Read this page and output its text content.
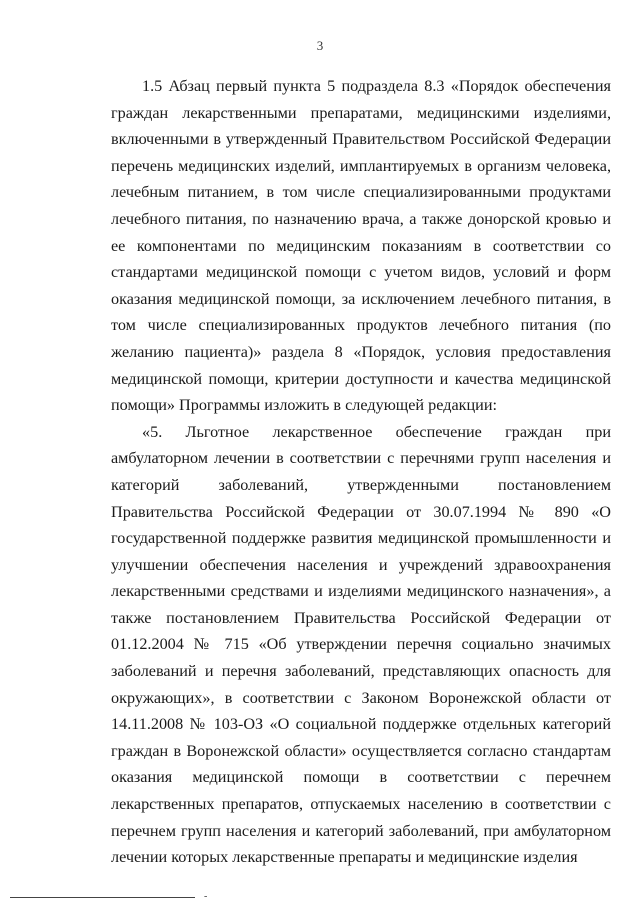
3

1.5 Абзац первый пункта 5 подраздела 8.3 «Порядок обеспечения граждан лекарственными препаратами, медицинскими изделиями, включенными в утвержденный Правительством Российской Федерации перечень медицинских изделий, имплантируемых в организм человека, лечебным питанием, в том числе специализированными продуктами лечебного питания, по назначению врача, а также донорской кровью и ее компонентами по медицинским показаниям в соответствии со стандартами медицинской помощи с учетом видов, условий и форм оказания медицинской помощи, за исключением лечебного питания, в том числе специализированных продуктов лечебного питания (по желанию пациента)» раздела 8 «Порядок, условия предоставления медицинской помощи, критерии доступности и качества медицинской помощи» Программы изложить в следующей редакции:

«5. Льготное лекарственное обеспечение граждан при амбулаторном лечении в соответствии с перечнями групп населения и категорий заболеваний, утвержденными постановлением Правительства Российской Федерации от 30.07.1994 № 890 «О государственной поддержке развития медицинской промышленности и улучшении обеспечения населения и учреждений здравоохранения лекарственными средствами и изделиями медицинского назначения», а также постановлением Правительства Российской Федерации от 01.12.2004 № 715 «Об утверждении перечня социально значимых заболеваний и перечня заболеваний, представляющих опасность для окружающих», в соответствии с Законом Воронежской области от 14.11.2008 № 103-ОЗ «О социальной поддержке отдельных категорий граждан в Воронежской области» осуществляется согласно стандартам оказания медицинской помощи в соответствии с перечнем лекарственных препаратов, отпускаемых населению в соответствии с перечнем групп населения и категорий заболеваний, при амбулаторном лечении которых лекарственные препараты и медицинские изделия

-
